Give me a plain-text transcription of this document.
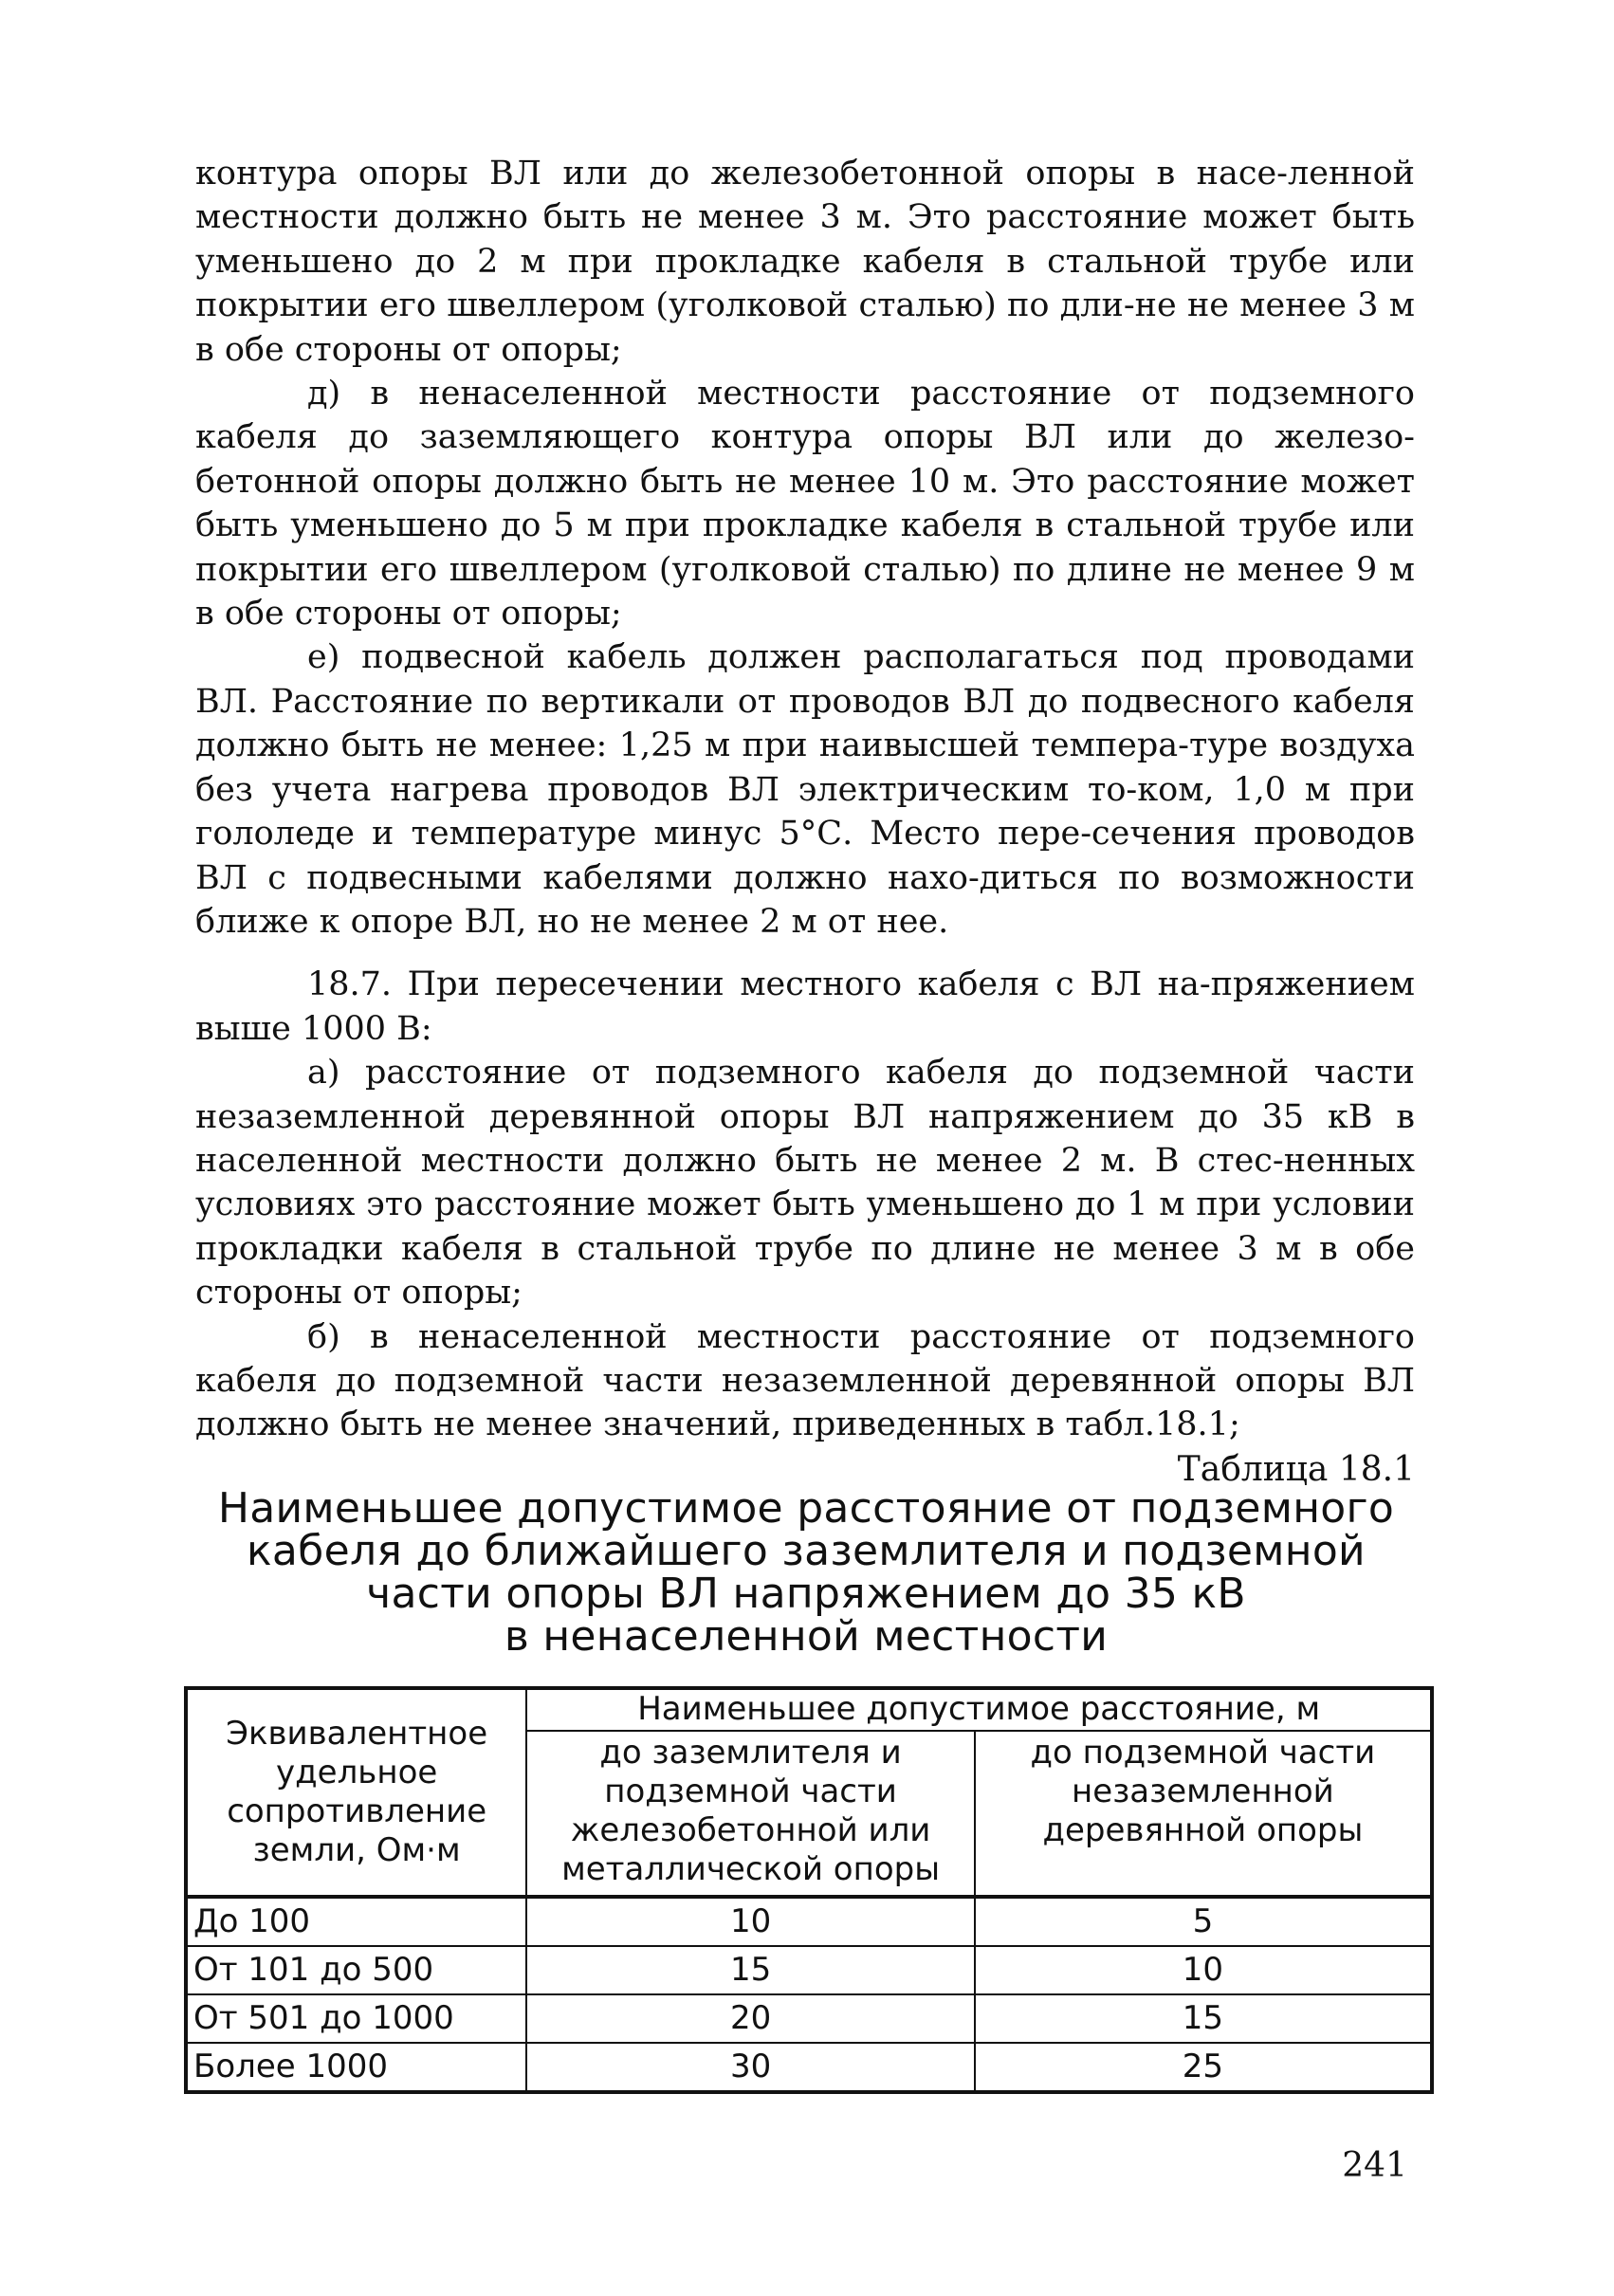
контура опоры ВЛ или до железобетонной опоры в насе-ленной местности должно быть не менее 3 м. Это расстояние может быть уменьшено до 2 м при прокладке кабеля в стальной трубе или покрытии его швеллером (уголковой сталью) по дли-не не менее 3 м в обе стороны от опоры;

д) в ненаселенной местности расстояние от подземного кабеля до заземляющего контура опоры ВЛ или до железо-бетонной опоры должно быть не менее 10 м. Это расстояние может быть уменьшено до 5 м при прокладке кабеля в стальной трубе или покрытии его швеллером (уголковой сталью) по длине не менее 9 м в обе стороны от опоры;

е) подвесной кабель должен располагаться под проводами ВЛ. Расстояние по вертикали от проводов ВЛ до подвесного кабеля должно быть не менее: 1,25 м при наивысшей темпера-туре воздуха без учета нагрева проводов ВЛ электрическим то-ком, 1,0 м при гололеде и температуре минус 5°С. Место пере-сечения проводов ВЛ с подвесными кабелями должно нахо-диться по возможности ближе к опоре ВЛ, но не менее 2 м от нее.

18.7. При пересечении местного кабеля с ВЛ на-пряжением выше 1000 В:

а) расстояние от подземного кабеля до подземной части незаземленной деревянной опоры ВЛ напряжением до 35 кВ в населенной местности должно быть не менее 2 м. В стес-ненных условиях это расстояние может быть уменьшено до 1 м при условии прокладки кабеля в стальной трубе по длине не менее 3 м в обе стороны от опоры;

б) в ненаселенной местности расстояние от подземного кабеля до подземной части незаземленной деревянной опоры ВЛ должно быть не менее значений, приведенных в табл.18.1;

Таблица 18.1
Наименьшее допустимое расстояние от подземного
кабеля до ближайшего заземлителя и подземной
части опоры ВЛ напряжением до 35 кВ
в ненаселенной местности
Эквивалентное удельное сопротивление земли, Ом·м	Наименьшее допустимое расстояние, м	
	до заземлителя и подземной части железобетонной или металлической опоры	до подземной части незаземленной деревянной опоры
До 100	10	5
От 101 до 500	15	10
От 501 до 1000	20	15
Более 1000	30	25
241
